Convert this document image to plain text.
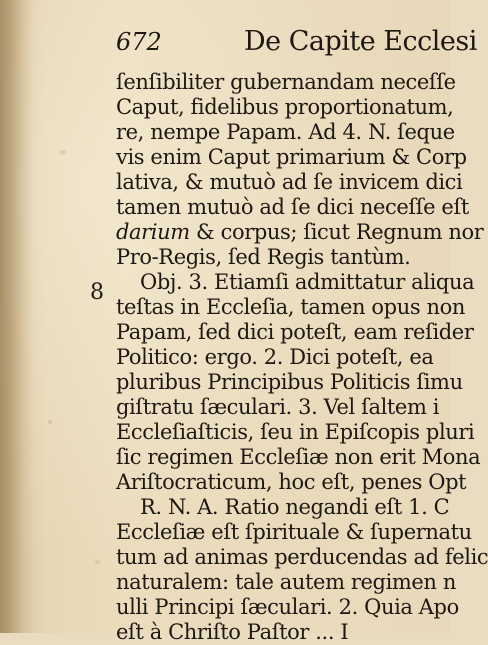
672	De Capite Ecclesi
8
ſenſibiliter gubernandam neceſſe
Caput, fidelibus proportionatum,
re, nempe Papam. Ad 4. N. ſeque
vis enim Caput primarium & Corp
lativa, & mutuò ad ſe invicem dici
tamen mutuò ad ſe dici neceſſe eſt
darium & corpus; ſicut Regnum nor
Pro-Regis, ſed Regis tantùm.
Obj. 3. Etiamſi admittatur aliqua
teſtas in Eccleſia, tamen opus non
Papam, ſed dici poteſt, eam reſider
Politico: ergo. 2. Dici poteſt, ea
pluribus Principibus Politicis ſimu
giſtratu ſæculari. 3. Vel ſaltem i
Eccleſiaſticis, ſeu in Epiſcopis pluri
ſic regimen Eccleſiæ non erit Mona
Ariſtocraticum, hoc eſt, penes Opt
R. N. A. Ratio negandi eſt 1. C
Eccleſiæ eſt ſpirituale & ſupernatu
tum ad animas perducendas ad felic
naturalem: tale autem regimen n
ulli Principi ſæculari. 2. Quia Apo
eſt à Chriſto Paſtor ... I
